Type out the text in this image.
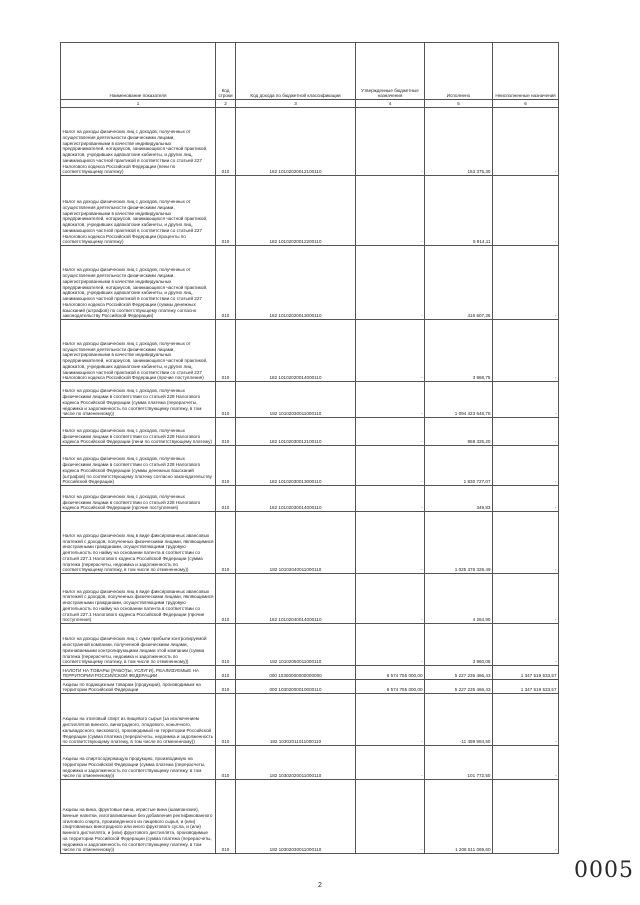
Наименование показателя	Код строки	Код дохода по бюджетной классификации	Утвержденные бюджетные назначения	Исполнено	Неисполненные назначения
1	2	3	4	5	6
Налог на доходы физических лиц с доходов, полученных от осуществления деятельности физическими лицами, зарегистрированными в качестве индивидуальных предпринимателей, нотариусов, занимающихся частной практикой, адвокатов, учредивших адвокатские кабинеты, и других лиц, занимающихся частной практикой в соответствии со статьей 227 Налогового кодекса Российской Федерации (пени по соответствующему платежу)	010	182 10102020012100110	-	153 375,30	-
Налог на доходы физических лиц с доходов, полученных от осуществления деятельности физическими лицами, зарегистрированными в качестве индивидуальных предпринимателей, нотариусов, занимающихся частной практикой, адвокатов, учредивших адвокатские кабинеты, и других лиц, занимающихся частной практикой в соответствии со статьей 227 Налогового кодекса Российской Федерации (проценты по соответствующему платежу)	010	182 10102020012200110	-	5 914,11	-
Налог на доходы физических лиц с доходов, полученных от осуществления деятельности физическими лицами, зарегистрированными в качестве индивидуальных предпринимателей, нотариусов, занимающихся частной практикой, адвокатов, учредивших адвокатские кабинеты, и других лиц, занимающихся частной практикой в соответствии со статьей 227 Налогового кодекса Российской Федерации (суммы денежных взысканий (штрафов) по соответствующему платежу согласно законодательству Российской Федерации)	010	182 10102020013000110	-	416 607,36	-
Налог на доходы физических лиц с доходов, полученных от осуществления деятельности физическими лицами, зарегистрированными в качестве индивидуальных предпринимателей, нотариусов, занимающихся частной практикой, адвокатов, учредивших адвокатские кабинеты, и других лиц, занимающихся частной практикой в соответствии со статьей 227 Налогового кодекса Российской Федерации (прочие поступления)	010	182 10102020014000110	-	3 968,75	-
Налог на доходы физических лиц с доходов, полученных физическими лицами в соответствии со статьей 228 Налогового кодекса Российской Федерации (сумма платежа (перерасчеты, недоимка и задолженность по соответствующему платежу, в том числе по отмененному))	010	182 10102030011000110	-	1 094 423 648,78	-
Налог на доходы физических лиц с доходов, полученных физическими лицами в соответствии со статьей 228 Налогового кодекса Российской Федерации (пени по соответствующему платежу)	010	182 10102030012100110	-	958 325,20	-
Налог на доходы физических лиц с доходов, полученных физическими лицами в соответствии со статьей 228 Налогового кодекса Российской Федерации (суммы денежных взысканий (штрафов) по соответствующему платежу согласно законодательству Российской Федерации)	010	182 10102030013000110	-	1 830 727,07	-
Налог на доходы физических лиц с доходов, полученных физическими лицами в соответствии со статьей 228 Налогового кодекса Российской Федерации (прочие поступления)	010	182 10102030014000110	-	349,83	-
Налог на доходы физических лиц в виде фиксированных авансовых платежей с доходов, полученных физическими лицами, являющимися иностранными гражданами, осуществляющими трудовую деятельность по найму на основании патента в соответствии со статьей 227.1 Налогового кодекса Российской Федерации (сумма платежа (перерасчеты, недоимка и задолженность по соответствующему платежу, в том числе по отмененному))	010	182 10102040011000110	-	1 025 376 328,49	-
Налог на доходы физических лиц в виде фиксированных авансовых платежей с доходов, полученных физическими лицами, являющимися иностранными гражданами, осуществляющими трудовую деятельность по найму на основании патента в соответствии со статьей 227.1 Налогового кодекса Российской Федерации (прочие поступления)	010	182 10102040014000110	-	4 264,90	-
Налог на доходы физических лиц с сумм прибыли контролируемой иностранной компании, полученной физическими лицами, признаваемыми контролирующими лицами этой компании (сумма платежа (перерасчеты, недоимка и задолженность по соответствующему платежу, в том числе по отмененному))	010	182 10102050011000110	-	3 960,06	-
НАЛОГИ НА ТОВАРЫ (РАБОТЫ, УСЛУГИ), РЕАЛИЗУЕМЫЕ НА ТЕРРИТОРИИ РОССИЙСКОЙ ФЕДЕРАЦИИ	010	000 10300000000000000	6 574 755 000,00	5 227 235 466,43	1 347 519 533,57
Акцизы по подакцизным товарам (продукции), производимым на территории Российской Федерации	010	000 10302000010000110	6 574 755 000,00	5 227 235 466,43	1 347 519 533,57
Акцизы на этиловый спирт из пищевого сырья (за исключением дистиллятов винного, виноградного, плодового, коньячного, кальвадосного, вискового), производимый на территории Российской Федерации (сумма платежа (перерасчеты, недоимка и задолженность по соответствующему платежу, в том числе по отмененному))	010	182 10302011011000110	-	-11 499 984,50	-
Акцизы на спиртосодержащую продукцию, производимую на территории Российской Федерации (сумма платежа (перерасчеты, недоимка и задолженность по соответствующему платежу, в том числе по отмененному))	010	182 10302020011000110	-	101 772,50	-
Акцизы на вина, фруктовые вина, игристые вина (шампанские), винные напитки, изготавливаемые без добавления ректификованного этилового спирта, произведенного из пищевого сырья, и (или) спиртованных виноградного или иного фруктового сусла, и (или) винного дистиллята, и (или) фруктового дистиллята, производимые на территории Российской Федерации (сумма платежа (перерасчеты, недоимка и задолженность по соответствующему платежу, в том числе по отмененному))	010	182 10302030011000110	-	1 208 511 069,60	-
2
0005
